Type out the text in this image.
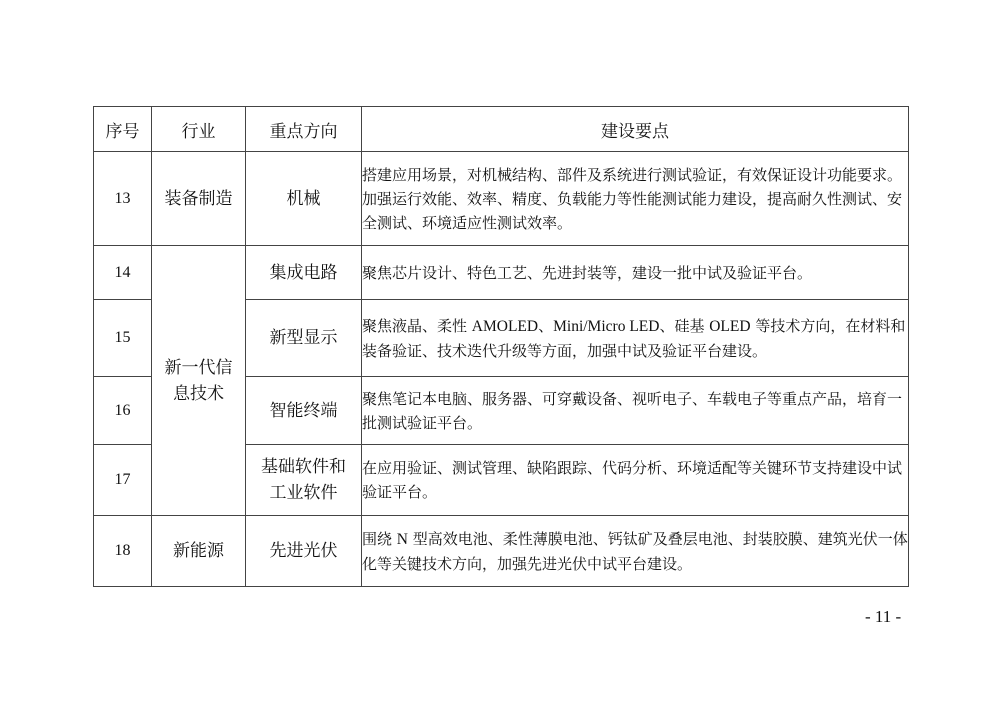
序号	行业	重点方向	建设要点
13	装备制造	机械	搭建应用场景，对机械结构、部件及系统进行测试验证，有效保证设计功能要求。加强运行效能、效率、精度、负载能力等性能测试能力建设，提高耐久性测试、安全测试、环境适应性测试效率。
14	新一代信息技术	集成电路	聚焦芯片设计、特色工艺、先进封装等，建设一批中试及验证平台。
15		新型显示	聚焦液晶、柔性 AMOLED、Mini/Micro LED、硅基 OLED 等技术方向，在材料和装备验证、技术迭代升级等方面，加强中试及验证平台建设。
16		智能终端	聚焦笔记本电脑、服务器、可穿戴设备、视听电子、车载电子等重点产品，培育一批测试验证平台。
17		基础软件和工业软件	在应用验证、测试管理、缺陷跟踪、代码分析、环境适配等关键环节支持建设中试验证平台。
18	新能源	先进光伏	围绕 N 型高效电池、柔性薄膜电池、钙钛矿及叠层电池、封装胶膜、建筑光伏一体化等关键技术方向，加强先进光伏中试平台建设。
- 11 -
